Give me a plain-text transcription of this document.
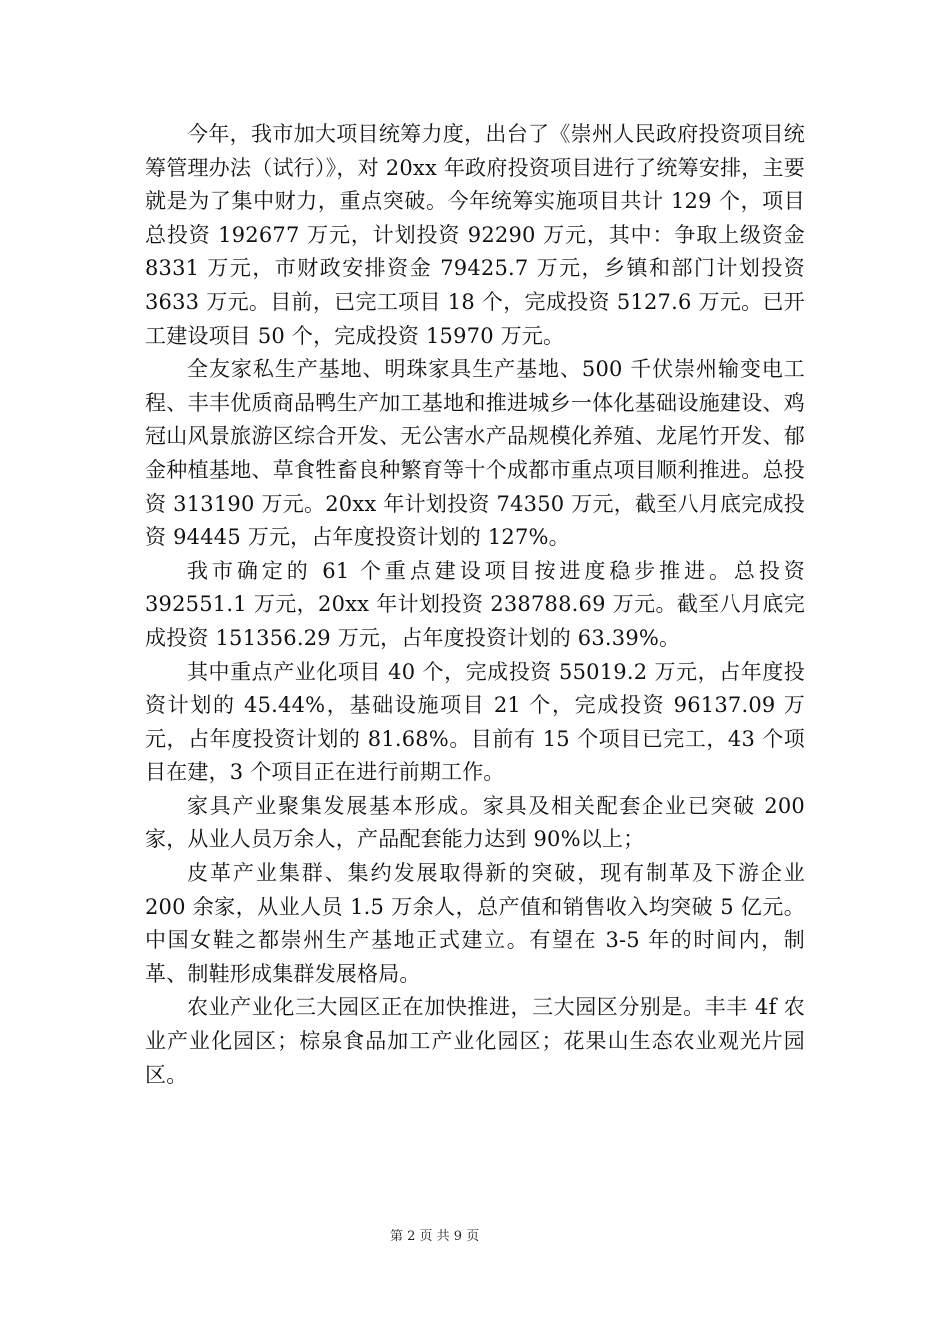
今年，我市加大项目统筹力度，出台了《崇州人民政府投资项目统筹管理办法（试行）》，对 20xx 年政府投资项目进行了统筹安排，主要就是为了集中财力，重点突破。今年统筹实施项目共计 129 个，项目总投资 192677 万元，计划投资 92290 万元，其中：争取上级资金 8331 万元，市财政安排资金 79425.7 万元，乡镇和部门计划投资 3633 万元。目前，已完工项目 18 个，完成投资 5127.6 万元。已开工建设项目 50 个，完成投资 15970 万元。

全友家私生产基地、明珠家具生产基地、500 千伏崇州输变电工程、丰丰优质商品鸭生产加工基地和推进城乡一体化基础设施建设、鸡冠山风景旅游区综合开发、无公害水产品规模化养殖、龙尾竹开发、郁金种植基地、草食牲畜良种繁育等十个成都市重点项目顺利推进。总投资 313190 万元。20xx 年计划投资 74350 万元，截至八月底完成投资 94445 万元，占年度投资计划的 127%。

我市确定的 61 个重点建设项目按进度稳步推进。总投资 392551.1 万元，20xx 年计划投资 238788.69 万元。截至八月底完成投资 151356.29 万元，占年度投资计划的 63.39%。

其中重点产业化项目 40 个，完成投资 55019.2 万元，占年度投资计划的 45.44%，基础设施项目 21 个，完成投资 96137.09 万元，占年度投资计划的 81.68%。目前有 15 个项目已完工，43 个项目在建，3 个项目正在进行前期工作。

家具产业聚集发展基本形成。家具及相关配套企业已突破 200 家，从业人员万余人，产品配套能力达到 90%以上；

皮革产业集群、集约发展取得新的突破，现有制革及下游企业 200 余家，从业人员 1.5 万余人，总产值和销售收入均突破 5 亿元。中国女鞋之都崇州生产基地正式建立。有望在 3-5 年的时间内，制革、制鞋形成集群发展格局。

农业产业化三大园区正在加快推进，三大园区分别是。丰丰 4f 农业产业化园区；棕泉食品加工产业化园区；花果山生态农业观光片园区。

第 2 页 共 9 页
